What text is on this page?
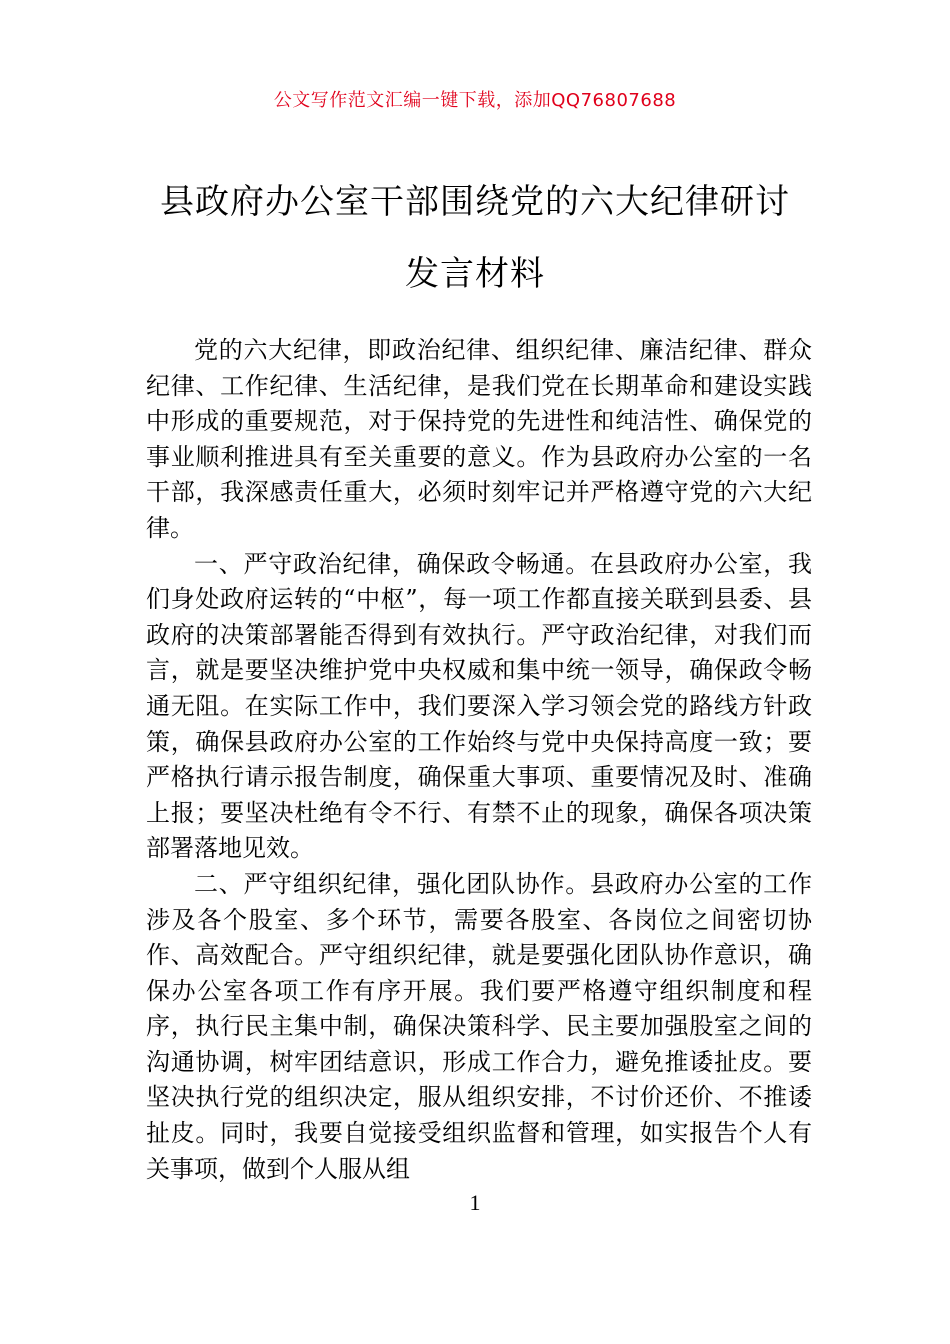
公文写作范文汇编一键下载，添加QQ76807688
县政府办公室干部围绕党的六大纪律研讨
发言材料

党的六大纪律，即政治纪律、组织纪律、廉洁纪律、群众纪律、工作纪律、生活纪律，是我们党在长期革命和建设实践中形成的重要规范，对于保持党的先进性和纯洁性、确保党的事业顺利推进具有至关重要的意义。作为县政府办公室的一名干部，我深感责任重大，必须时刻牢记并严格遵守党的六大纪律。

一、严守政治纪律，确保政令畅通。在县政府办公室，我们身处政府运转的“中枢”，每一项工作都直接关联到县委、县政府的决策部署能否得到有效执行。严守政治纪律，对我们而言，就是要坚决维护党中央权威和集中统一领导，确保政令畅通无阻。在实际工作中，我们要深入学习领会党的路线方针政策，确保县政府办公室的工作始终与党中央保持高度一致；要严格执行请示报告制度，确保重大事项、重要情况及时、准确上报；要坚决杜绝有令不行、有禁不止的现象，确保各项决策部署落地见效。

二、严守组织纪律，强化团队协作。县政府办公室的工作涉及各个股室、多个环节，需要各股室、各岗位之间密切协作、高效配合。严守组织纪律，就是要强化团队协作意识，确保办公室各项工作有序开展。我们要严格遵守组织制度和程序，执行民主集中制，确保决策科学、民主要加强股室之间的沟通协调，树牢团结意识，形成工作合力，避免推诿扯皮。要坚决执行党的组织决定，服从组织安排，不讨价还价、不推诿扯皮。同时，我要自觉接受组织监督和管理，如实报告个人有关事项，做到个人服从组

1
